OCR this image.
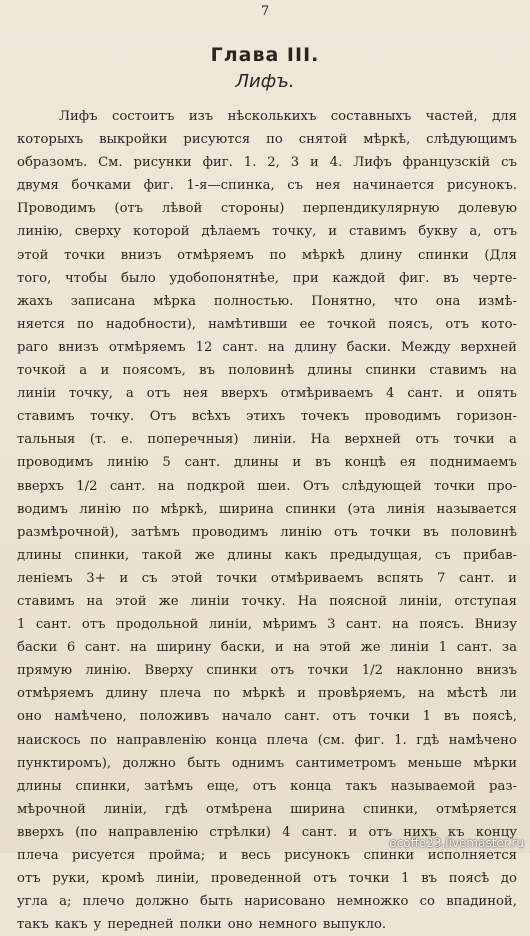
7
Глава III.
Лифъ.
Лифъ состоитъ изъ нѣсколькихъ составныхъ частей, для
которыхъ выкройки рисуются по снятой мѣркѣ, слѣдующимъ
образомъ. См. рисунки фиг. 1. 2, 3 и 4. Лифъ французскій съ
двумя бочками фиг. 1-я—спинка, съ нея начинается рисунокъ.
Проводимъ (отъ лѣвой стороны) перпендикулярную долевую
линію, сверху которой дѣлаемъ точку, и ставимъ букву а, отъ
этой точки внизъ отмѣряемъ по мѣркѣ длину спинки (Для
того, чтобы было удобопонятнѣе, при каждой фиг. въ черте-
жахъ записана мѣрка полностью. Понятно, что она измѣ-
няется по надобности), намѣтивши ее точкой поясъ, отъ кото-
раго внизъ отмѣряемъ 12 сант. на длину баски. Между верхней
точкой а и поясомъ, въ половинѣ длины спинки ставимъ на
линіи точку, а отъ нея вверхъ отмѣриваемъ 4 сант. и опять
ставимъ точку. Отъ всѣхъ этихъ точекъ проводимъ горизон-
тальныя (т. е. поперечныя) линіи. На верхней отъ точки а
проводимъ линію 5 сант. длины и въ концѣ ея поднимаемъ
вверхъ 1/2 сант. на подкрой шеи. Отъ слѣдующей точки про-
водимъ линію по мѣркѣ, ширина спинки (эта линія называется
размѣрочной), затѣмъ проводимъ линію отъ точки въ половинѣ
длины спинки, такой же длины какъ предыдущая, съ прибав-
леніемъ 3+ и съ этой точки отмѣриваемъ вспять 7 сант. и
ставимъ на этой же линіи точку. На поясной линіи, отступая
1 сант. отъ продольной линіи, мѣримъ 3 сант. на поясъ. Внизу
баски 6 сант. на ширину баски, и на этой же линіи 1 сант. за
прямую линію. Вверху спинки отъ точки 1/2 наклонно внизъ
отмѣряемъ длину плеча по мѣркѣ и провѣряемъ, на мѣстѣ ли
оно намѣчено, положивъ начало сант. отъ точки 1 въ поясѣ,
наискось по направленію конца плеча (см. фиг. 1. гдѣ намѣчено
пунктиромъ), должно быть однимъ сантиметромъ меньше мѣрки
длины спинки, затѣмъ еще, отъ конца такъ называемой раз-
мѣрочной линіи, гдѣ отмѣрена ширина спинки, отмѣряется
вверхъ (по направленію стрѣлки) 4 сант. и отъ нихъ къ концу
плеча рисуется пройма; и весь рисунокъ спинки исполняется
отъ руки, кромѣ линіи, проведенной отъ точки 1 въ поясѣ до
угла а; плечо должно быть нарисовано немножко со впадиной,
такъ какъ у передней полки оно немного выпукло.
ecoffe23.livemaster.ru
